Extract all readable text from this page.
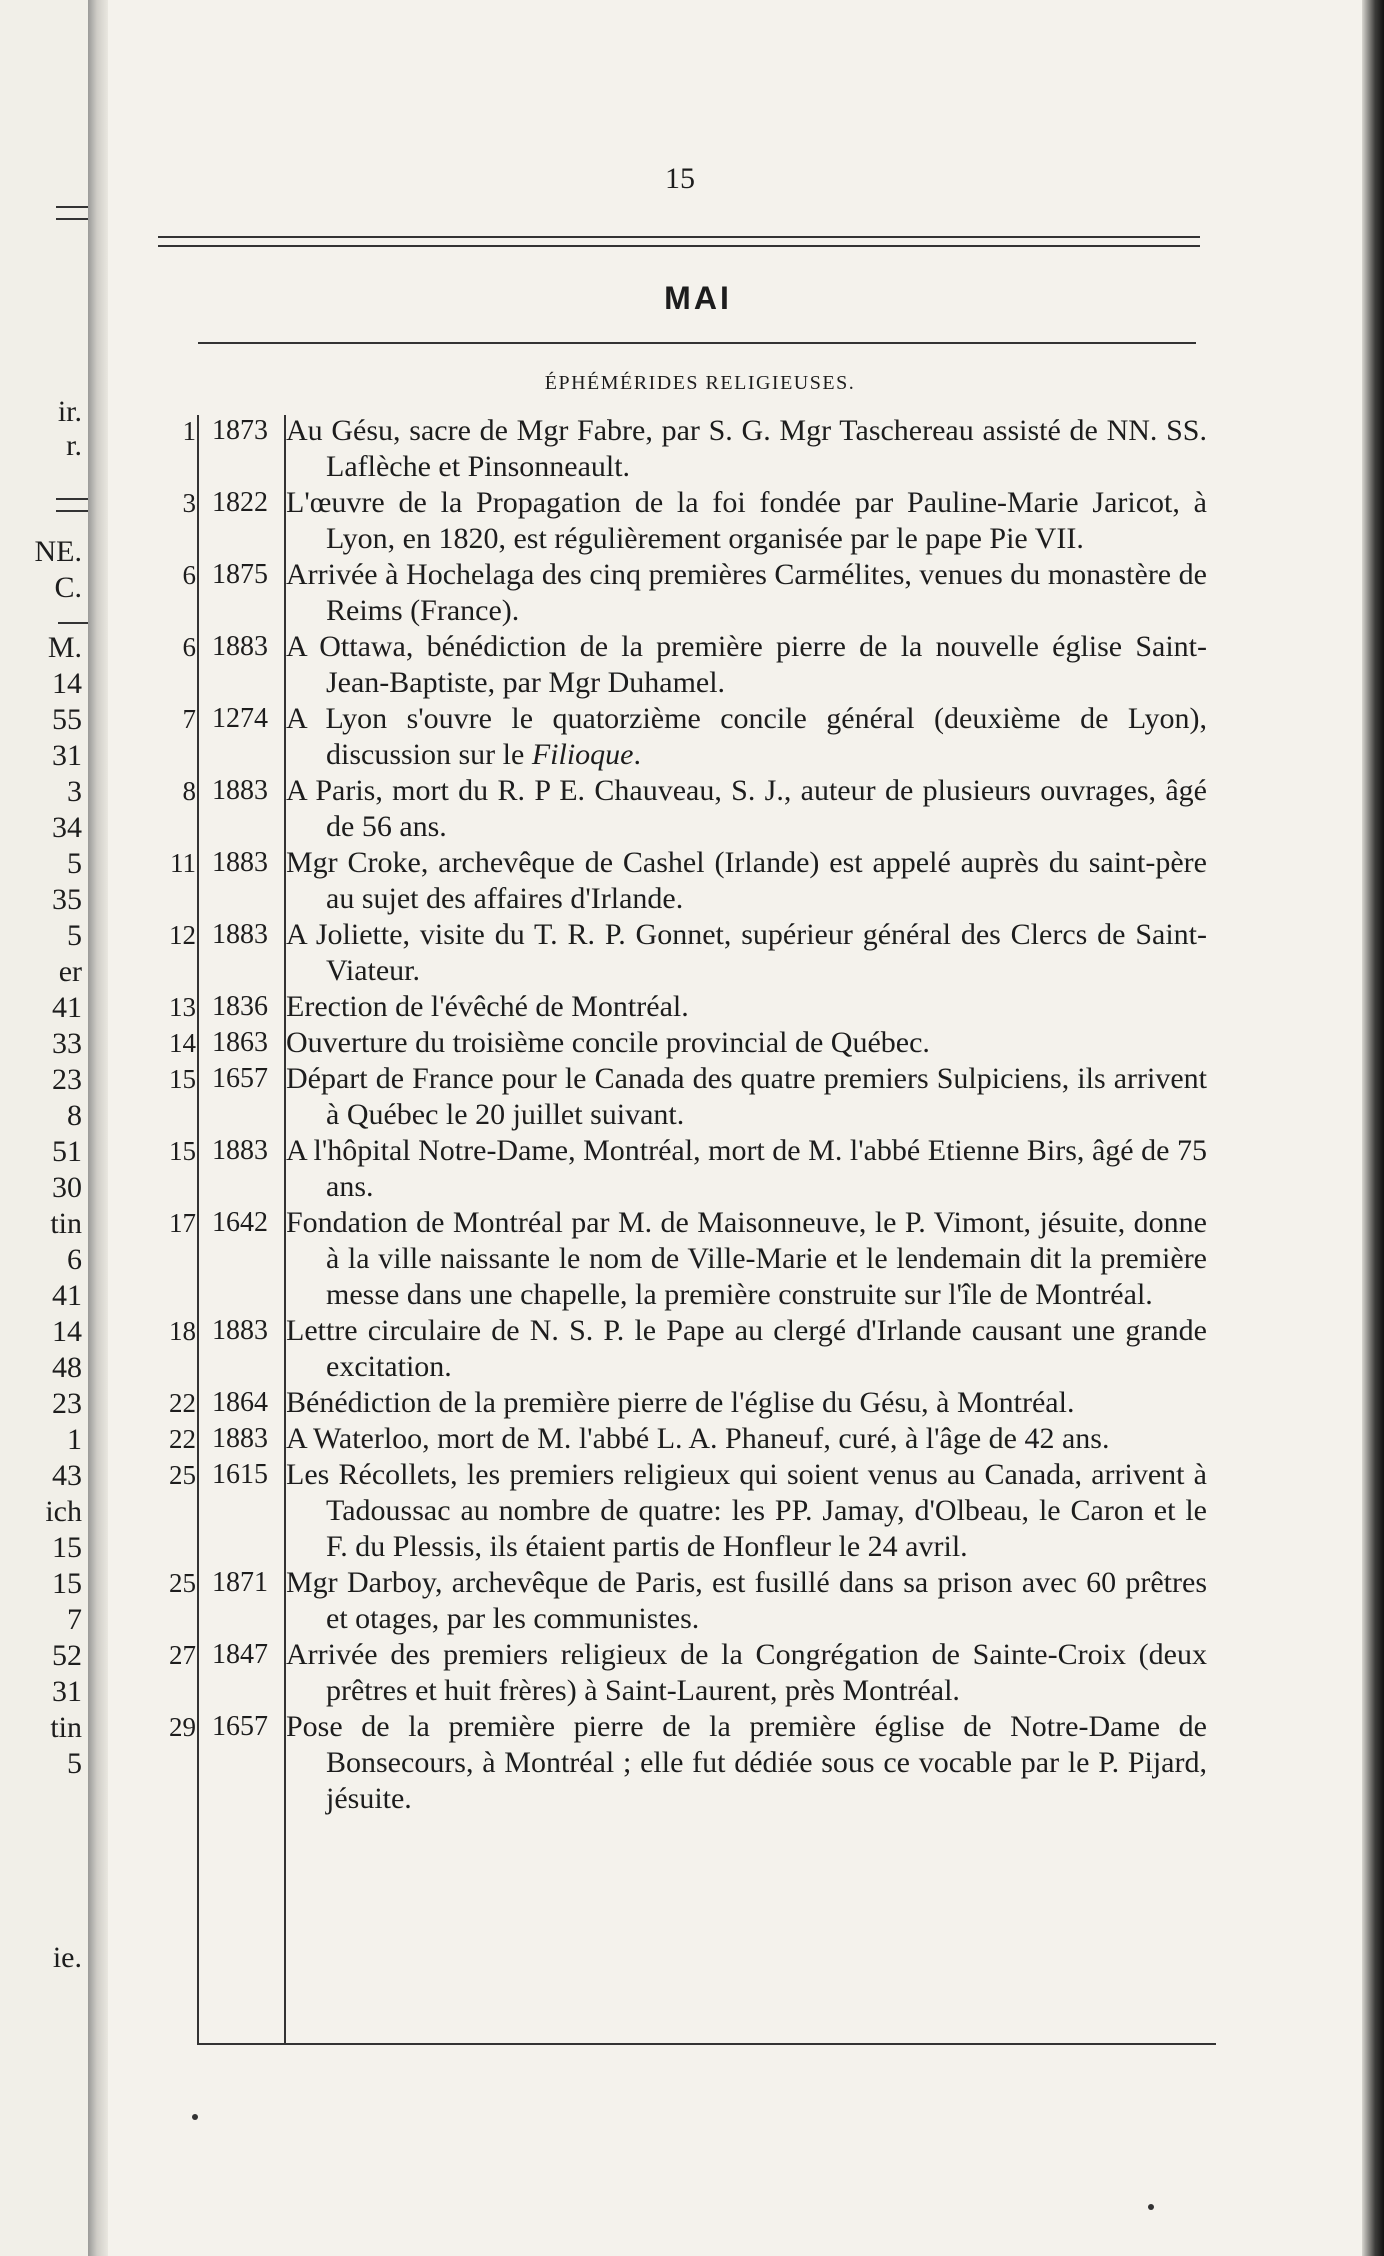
ir.
r.
NE.
C.
M.
14
55
31
3
34
5
35
5
er
41
33
23
8
51
30
tin
6
41
14
48
23
1
43
ich
15
15
7
52
31
tin
5
ie.
15
MAI
ÉPHÉMÉRIDES RELIGIEUSES.
1 1873 Au Gésu, sacre de Mgr Fabre, par S. G. Mgr Taschereau assisté de NN. SS. Laflèche et Pinsonneault.
3 1822 L'œuvre de la Propagation de la foi fondée par Pauline-Marie Jaricot, à Lyon, en 1820, est régulièrement organisée par le pape Pie VII.
6 1875 Arrivée à Hochelaga des cinq premières Carmélites, venues du monastère de Reims (France).
6 1883 A Ottawa, bénédiction de la première pierre de la nouvelle église Saint-Jean-Baptiste, par Mgr Duhamel.
7 1274 A Lyon s'ouvre le quatorzième concile général (deuxième de Lyon), discussion sur le Filioque.
8 1883 A Paris, mort du R. P E. Chauveau, S. J., auteur de plusieurs ouvrages, âgé de 56 ans.
11 1883 Mgr Croke, archevêque de Cashel (Irlande) est appelé auprès du saint-père au sujet des affaires d'Irlande.
12 1883 A Joliette, visite du T. R. P. Gonnet, supérieur général des Clercs de Saint-Viateur.
13 1836 Erection de l'évêché de Montréal.
14 1863 Ouverture du troisième concile provincial de Québec.
15 1657 Départ de France pour le Canada des quatre premiers Sulpiciens, ils arrivent à Québec le 20 juillet suivant.
15 1883 A l'hôpital Notre-Dame, Montréal, mort de M. l'abbé Etienne Birs, âgé de 75 ans.
17 1642 Fondation de Montréal par M. de Maisonneuve, le P. Vimont, jésuite, donne à la ville naissante le nom de Ville-Marie et le lendemain dit la première messe dans une chapelle, la première construite sur l'île de Montréal.
18 1883 Lettre circulaire de N. S. P. le Pape au clergé d'Irlande causant une grande excitation.
22 1864 Bénédiction de la première pierre de l'église du Gésu, à Montréal.
22 1883 A Waterloo, mort de M. l'abbé L. A. Phaneuf, curé, à l'âge de 42 ans.
25 1615 Les Récollets, les premiers religieux qui soient venus au Canada, arrivent à Tadoussac au nombre de quatre: les PP. Jamay, d'Olbeau, le Caron et le F. du Plessis, ils étaient partis de Honfleur le 24 avril.
25 1871 Mgr Darboy, archevêque de Paris, est fusillé dans sa prison avec 60 prêtres et otages, par les communistes.
27 1847 Arrivée des premiers religieux de la Congrégation de Sainte-Croix (deux prêtres et huit frères) à Saint-Laurent, près Montréal.
29 1657 Pose de la première pierre de la première église de Notre-Dame de Bonsecours, à Montréal ; elle fut dédiée sous ce vocable par le P. Pijard, jésuite.
